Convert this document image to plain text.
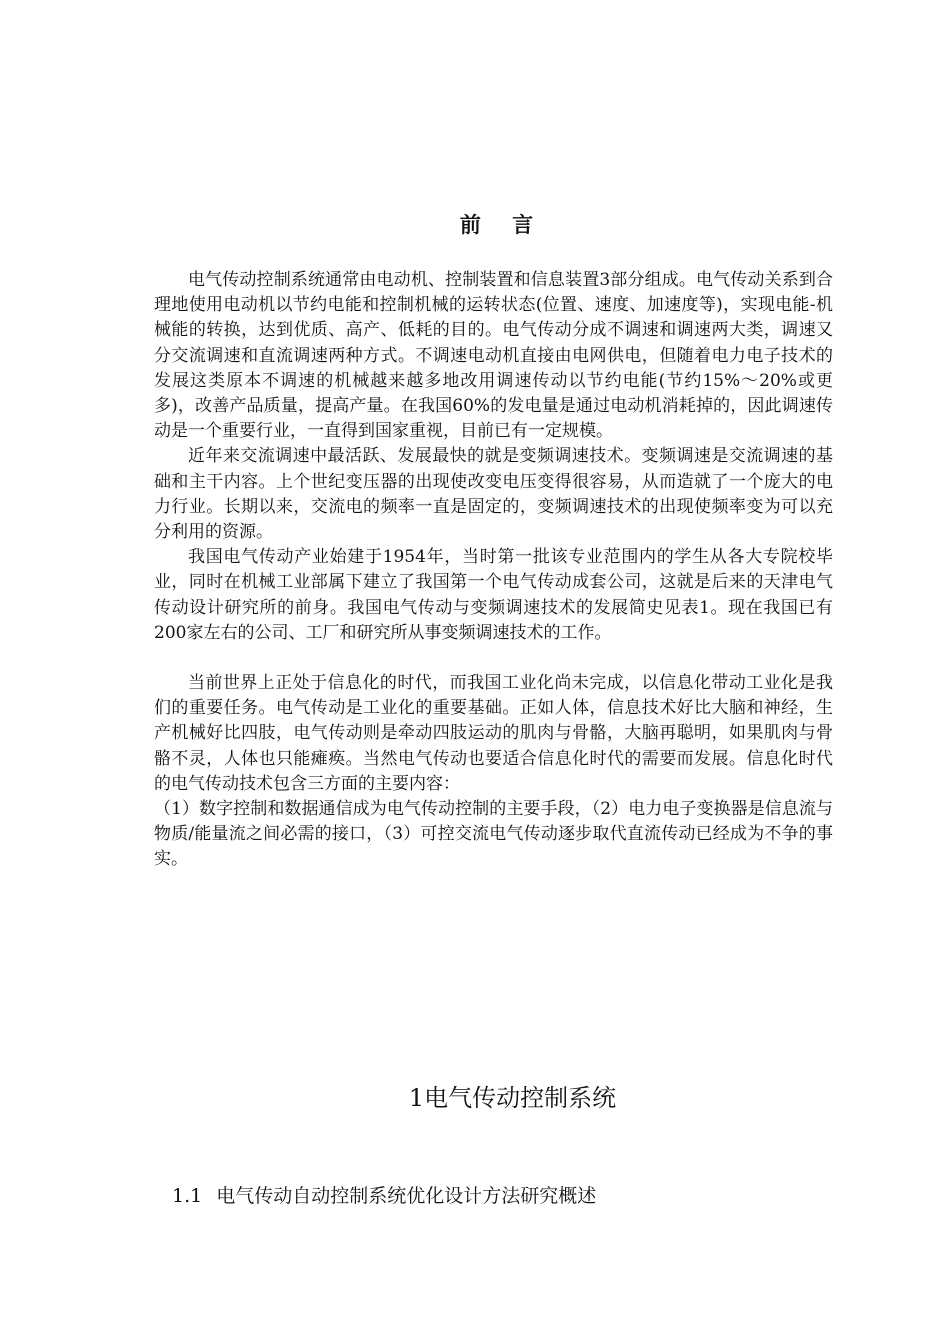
前 言

电气传动控制系统通常由电动机、控制装置和信息装置3部分组成。电气传动关系到合理地使用电动机以节约电能和控制机械的运转状态(位置、速度、加速度等)，实现电能-机械能的转换，达到优质、高产、低耗的目的。电气传动分成不调速和调速两大类，调速又分交流调速和直流调速两种方式。不调速电动机直接由电网供电，但随着电力电子技术的发展这类原本不调速的机械越来越多地改用调速传动以节约电能(节约15%～20%或更多)，改善产品质量，提高产量。在我国60%的发电量是通过电动机消耗掉的，因此调速传动是一个重要行业，一直得到国家重视，目前已有一定规模。

近年来交流调速中最活跃、发展最快的就是变频调速技术。变频调速是交流调速的基础和主干内容。上个世纪变压器的出现使改变电压变得很容易，从而造就了一个庞大的电力行业。长期以来，交流电的频率一直是固定的，变频调速技术的出现使频率变为可以充分利用的资源。

我国电气传动产业始建于1954年，当时第一批该专业范围内的学生从各大专院校毕业，同时在机械工业部属下建立了我国第一个电气传动成套公司，这就是后来的天津电气传动设计研究所的前身。我国电气传动与变频调速技术的发展简史见表1。现在我国已有200家左右的公司、工厂和研究所从事变频调速技术的工作。

当前世界上正处于信息化的时代，而我国工业化尚未完成，以信息化带动工业化是我们的重要任务。电气传动是工业化的重要基础。正如人体，信息技术好比大脑和神经，生产机械好比四肢，电气传动则是牵动四肢运动的肌肉与骨骼，大脑再聪明，如果肌肉与骨骼不灵，人体也只能瘫痪。当然电气传动也要适合信息化时代的需要而发展。信息化时代的电气传动技术包含三方面的主要内容：

（1）数字控制和数据通信成为电气传动控制的主要手段，（2）电力电子变换器是信息流与物质/能量流之间必需的接口，（3）可控交流电气传动逐步取代直流传动已经成为不争的事实。

1电气传动控制系统
1.1 电气传动自动控制系统优化设计方法研究概述
